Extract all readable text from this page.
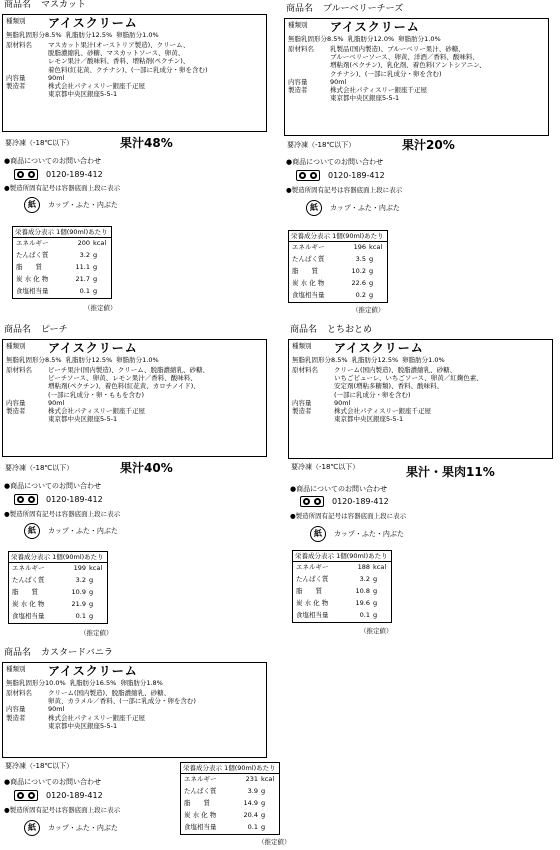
商品名 マスカット
種類別	アイスクリーム
無脂乳固形分8.5% 乳脂肪分12.5% 卵脂肪分1.0%
原材料名	マスカット果汁(オーストリア製造)、クリーム、
脱脂濃縮乳、砂糖、マスカットソース、卵黄、
レモン果汁／酸味料、香料、増粘剤(ペクチン)、
着色料(紅花黄、クチナシ)、(一部に乳成分・卵を含む)
内容量	90ml
製造者	株式会社パティスリー銀座千疋屋
東京都中央区銀座5-5-1
要冷凍（-18℃以下）	果汁48%
●商品についてのお問い合わせ
0120-189-412
●製造所固有記号は容器底面上段に表示
紙	カップ・ふた・内ぶた
栄養成分表示 1個(90ml)あたり
エネルギー	200 kcal
たんぱく質	3.2 g
脂　　質	11.1 g
炭 水 化 物	21.7 g
食塩相当量	0.1 g
（推定値）
商品名 ブルーベリーチーズ
種類別	アイスクリーム
無脂乳固形分8.5% 乳脂肪分12.0% 卵脂肪分1.0%
原材料名	乳製品(国内製造)、ブルーベリー果汁、砂糖、
ブルーベリーソース、卵黄、洋酒／香料、酸味料、
増粘剤(ペクチン)、乳化剤、着色料(アントシアニン、
クチナシ)、(一部に乳成分・卵を含む)
内容量	90ml
製造者	株式会社パティスリー銀座千疋屋
東京都中央区銀座5-5-1
要冷凍（-18℃以下）	果汁20%
●商品についてのお問い合わせ
0120-189-412
●製造所固有記号は容器底面上段に表示
紙	カップ・ふた・内ぶた
栄養成分表示 1個(90ml)あたり
エネルギー	196 kcal
たんぱく質	3.5 g
脂　　質	10.2 g
炭 水 化 物	22.6 g
食塩相当量	0.2 g
（推定値）
商品名 ピーチ
種類別	アイスクリーム
無脂乳固形分8.5% 乳脂肪分12.5% 卵脂肪分1.0%
原材料名	ピーチ果汁(国内製造)、クリーム、脱脂濃縮乳、砂糖、
ピーチソース、卵黄、レモン果汁／香料、酸味料、
増粘剤(ペクチン)、着色料(紅花黄、カロチノイド)、
(一部に乳成分・卵・ももを含む)
内容量	90ml
製造者	株式会社パティスリー銀座千疋屋
東京都中央区銀座5-5-1
要冷凍（-18℃以下）	果汁40%
●商品についてのお問い合わせ
0120-189-412
●製造所固有記号は容器底面上段に表示
紙	カップ・ふた・内ぶた
栄養成分表示 1個(90ml)あたり
エネルギー	199 kcal
たんぱく質	3.2 g
脂　　質	10.9 g
炭 水 化 物	21.9 g
食塩相当量	0.1 g
（推定値）
商品名 とちおとめ
種類別	アイスクリーム
無脂乳固形分8.5% 乳脂肪分12.5% 卵脂肪分1.0%
原材料名	クリーム(国内製造)、脱脂濃縮乳、砂糖、
いちごピューレ、いちごソース、卵黄／紅麹色素、
安定剤(増粘多糖類)、香料、酸味料、
(一部に乳成分・卵を含む)
内容量	90ml
製造者	株式会社パティスリー銀座千疋屋
東京都中央区銀座5-5-1
要冷凍（-18℃以下）	果汁・果肉11%
●商品についてのお問い合わせ
0120-189-412
●製造所固有記号は容器底面上段に表示
紙	カップ・ふた・内ぶた
栄養成分表示 1個(90ml)あたり
エネルギー	188 kcal
たんぱく質	3.2 g
脂　　質	10.8 g
炭 水 化 物	19.6 g
食塩相当量	0.1 g
（推定値）
商品名 カスタードバニラ
種類別	アイスクリーム
無脂乳固形分10.0% 乳脂肪分16.5% 卵脂肪分1.8%
原材料名	クリーム(国内製造)、脱脂濃縮乳、砂糖、
卵黄、カラメル／香料、(一部に乳成分・卵を含む)
内容量	90ml
製造者	株式会社パティスリー銀座千疋屋
東京都中央区銀座5-5-1
要冷凍（-18℃以下）
●商品についてのお問い合わせ
0120-189-412
●製造所固有記号は容器底面上段に表示
紙	カップ・ふた・内ぶた
栄養成分表示 1個(90ml)あたり
エネルギー	231 kcal
たんぱく質	3.9 g
脂　　質	14.9 g
炭 水 化 物	20.4 g
食塩相当量	0.1 g
（推定値）
